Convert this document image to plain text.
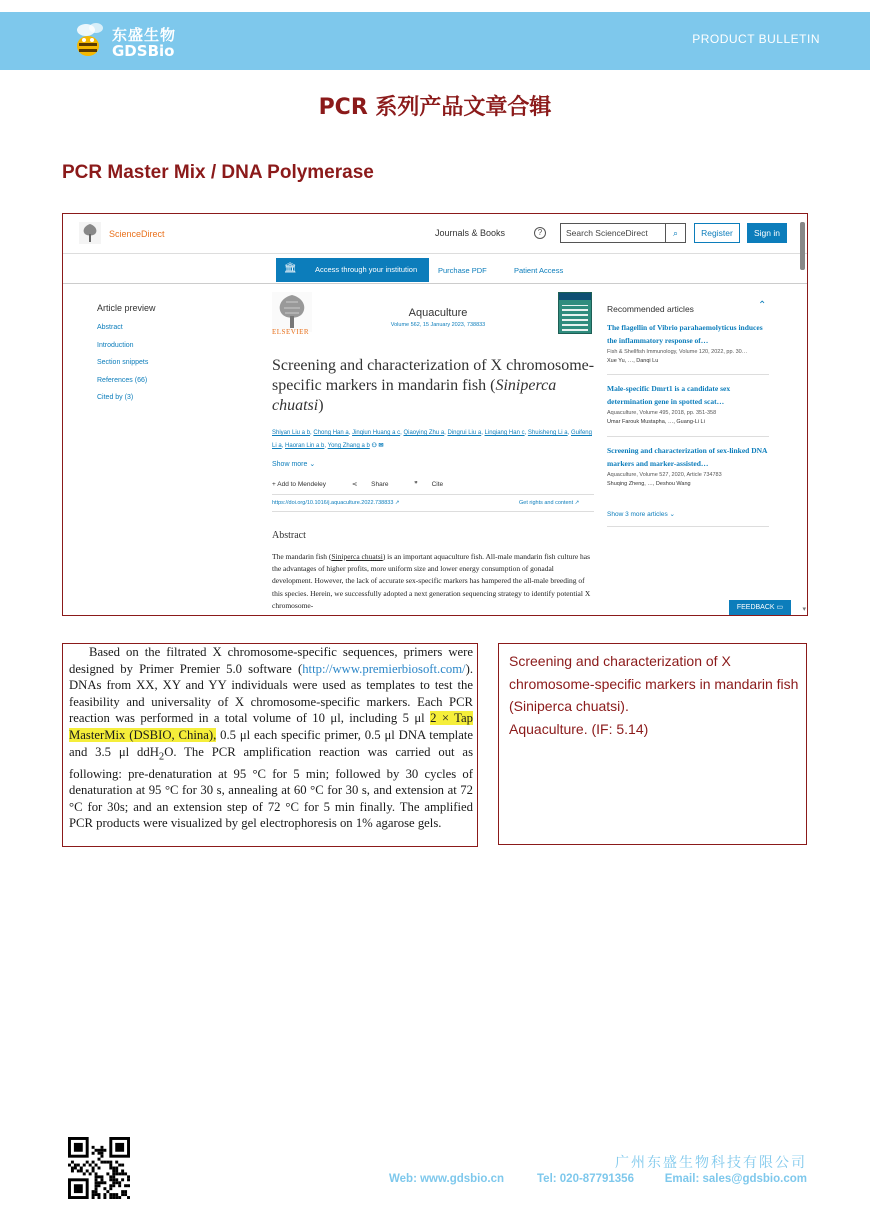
东盛生物
GDSBio
PRODUCT BULLETIN
PCR 系列产品文章合辑
PCR Master Mix / DNA Polymerase
ScienceDirect	Journals & Books	?	Search ScienceDirect	⌕	Register	Sign in
🏛 Access through your institution	Purchase PDF	Patient Access
▾
Article preview
Abstract
Introduction
Section snippets
References (66)
Cited by (3)
ELSEVIER
Aquaculture
Volume 562, 15 January 2023, 738833
Screening and characterization of X chromosome-specific markers in mandarin fish (Siniperca chuatsi)
Shiyan Liu a b, Chong Han a, Jinqiun Huang a c, Qiaoying Zhu a, Dingrui Liu a, Linqiang Han c, Shuisheng Li a, Guifeng Li a, Haoran Lin a b, Yong Zhang a b ⚇ ✉
Show more ⌄
+ Add to Mendeley	⋖ Share	❞ Cite
https://doi.org/10.1016/j.aquaculture.2022.738833 ↗	Get rights and content ↗
Abstract
The mandarin fish (Siniperca chuatsi) is an important aquaculture fish. All-male mandarin fish culture has the advantages of higher profits, more uniform size and lower energy consumption of gonadal development. However, the lack of accurate sex-specific markers has hampered the all-male breeding of this species. Herein, we successfully adopted a next generation sequencing strategy to identify potential X chromosome-
Recommended articles	⌃
The flagellin of Vibrio parahaemolyticus induces the inflammatory response of…
Fish & Shellfish Immunology, Volume 120, 2022, pp. 30…
Xue Yu, …, Danqi Lu
Male-specific Dmrt1 is a candidate sex determination gene in spotted scat…
Aquaculture, Volume 495, 2018, pp. 351-358
Umar Farouk Mustapha, …, Guang-Li Li
Screening and characterization of sex-linked DNA markers and marker-assisted…
Aquaculture, Volume 527, 2020, Article 734783
Shuqing Zheng, …, Deshou Wang
Show 3 more articles ⌄
FEEDBACK ▭
Based on the filtrated X chromosome-specific sequences, primers were designed by Primer Premier 5.0 software (http://www.premierbiosoft.com/). DNAs from XX, XY and YY individuals were used as templates to test the feasibility and universality of X chromosome-specific markers. Each PCR reaction was performed in a total volume of 10 μl, including 5 μl 2 × Tap MasterMix (DSBIO, China), 0.5 μl each specific primer, 0.5 μl DNA template and 3.5 μl ddH$_2$O. The PCR amplification reaction was carried out as following: pre-denaturation at 95 °C for 5 min; followed by 30 cycles of denaturation at 95 °C for 30 s, annealing at 60 °C for 30 s, and extension at 72 °C for 30s; and an extension step of 72 °C for 5 min finally. The amplified PCR products were visualized by gel electrophoresis on 1% agarose gels.
Screening and characterization of X chromosome-specific markers in mandarin fish (Siniperca chuatsi).
Aquaculture. (IF: 5.14)
广州东盛生物科技有限公司
Web: www.gdsbio.cn	Tel: 020-87791356	Email: sales@gdsbio.com
